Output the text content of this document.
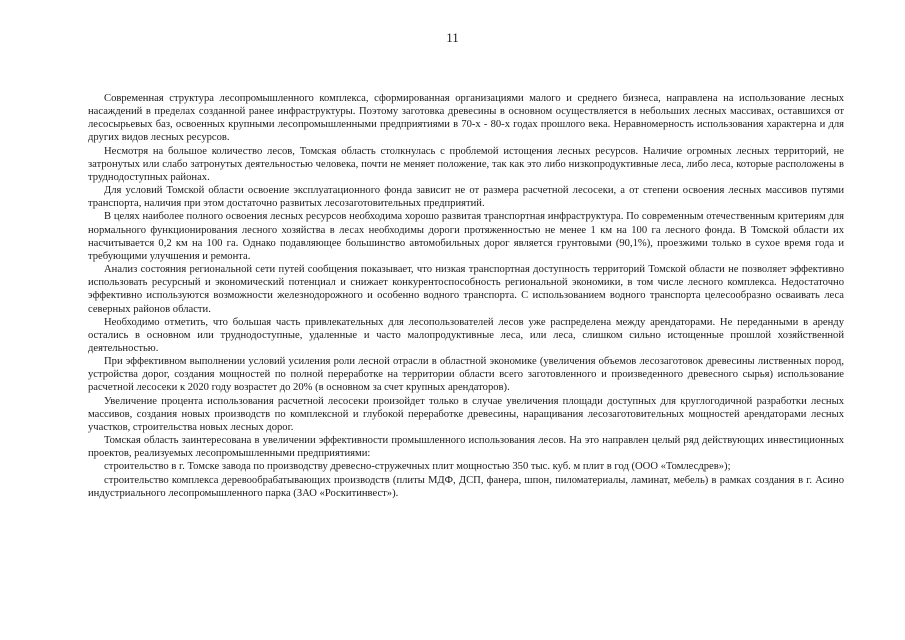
11

Современная структура лесопромышленного комплекса, сформированная организациями малого и среднего бизнеса, направлена на использование лесных насаждений в пределах созданной ранее инфраструктуры. Поэтому заготовка древесины в основном осуществляется в небольших лесных массивах, оставшихся от лесосырьевых баз, освоенных крупными лесопромышленными предприятиями в 70-х - 80-х годах прошлого века. Неравномерность использования характерна и для других видов лесных ресурсов.

Несмотря на большое количество лесов, Томская область столкнулась с проблемой истощения лесных ресурсов. Наличие огромных лесных территорий, не затронутых или слабо затронутых деятельностью человека, почти не меняет положение, так как это либо низкопродуктивные леса, либо леса, которые расположены в труднодоступных районах.

Для условий Томской области освоение эксплуатационного фонда зависит не от размера расчетной лесосеки, а от степени освоения лесных массивов путями транспорта, наличия при этом достаточно развитых лесозаготовительных предприятий.

В целях наиболее полного освоения лесных ресурсов необходима хорошо развитая транспортная инфраструктура. По современным отечественным критериям для нормального функционирования лесного хозяйства в лесах необходимы дороги протяженностью не менее 1 км на 100 га лесного фонда. В Томской области их насчитывается 0,2 км на 100 га. Однако подавляющее большинство автомобильных дорог является грунтовыми (90,1%), проезжими только в сухое время года и требующими улучшения и ремонта.

Анализ состояния региональной сети путей сообщения показывает, что низкая транспортная доступность территорий Томской области не позволяет эффективно использовать ресурсный и экономический потенциал и снижает конкурентоспособность региональной экономики, в том числе лесного комплекса. Недостаточно эффективно используются возможности железнодорожного и особенно водного транспорта. С использованием водного транспорта целесообразно осваивать леса северных районов области.

Необходимо отметить, что большая часть привлекательных для лесопользователей лесов уже распределена между арендаторами. Не переданными в аренду остались в основном или труднодоступные, удаленные и часто малопродуктивные леса, или леса, слишком сильно истощенные прошлой хозяйственной деятельностью.

При эффективном выполнении условий усиления роли лесной отрасли в областной экономике (увеличения объемов лесозаготовок древесины лиственных пород, устройства дорог, создания мощностей по полной переработке на территории области всего заготовленного и произведенного древесного сырья) использование расчетной лесосеки к 2020 году возрастет до 20% (в основном за счет крупных арендаторов).

Увеличение процента использования расчетной лесосеки произойдет только в случае увеличения площади доступных для круглогодичной разработки лесных массивов, создания новых производств по комплексной и глубокой переработке древесины, наращивания лесозаготовительных мощностей арендаторами лесных участков, строительства новых лесных дорог.

Томская область заинтересована в увеличении эффективности промышленного использования лесов. На это направлен целый ряд действующих инвестиционных проектов, реализуемых лесопромышленными предприятиями:

строительство в г. Томске завода по производству древесно-стружечных плит мощностью 350 тыс. куб. м плит в год (ООО «Томлесдрев»);

строительство комплекса деревообрабатывающих производств (плиты МДФ, ДСП, фанера, шпон, пиломатериалы, ламинат, мебель) в рамках создания в г. Асино индустриального лесопромышленного парка (ЗАО «Роскитинвест»).
